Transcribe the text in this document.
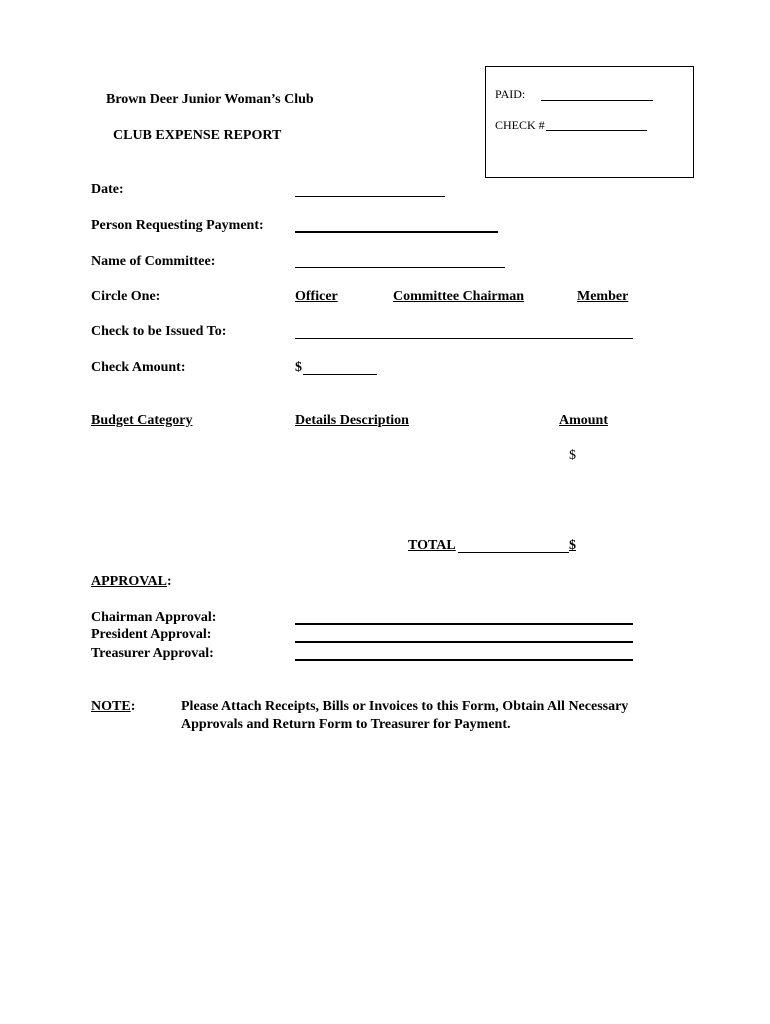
Brown Deer Junior Woman’s Club
CLUB EXPENSE REPORT
PAID:
CHECK #
Date:
Person Requesting Payment:
Name of Committee:
Circle One:	Officer	Committee Chairman	Member
Check to be Issued To:
Check Amount:	$
Budget Category	Details Description	Amount
$
TOTAL	$
APPROVAL:
Chairman Approval:
President Approval:
Treasurer Approval:
NOTE:	Please Attach Receipts, Bills or Invoices to this Form, Obtain All Necessary
Approvals and Return Form to Treasurer for Payment.
